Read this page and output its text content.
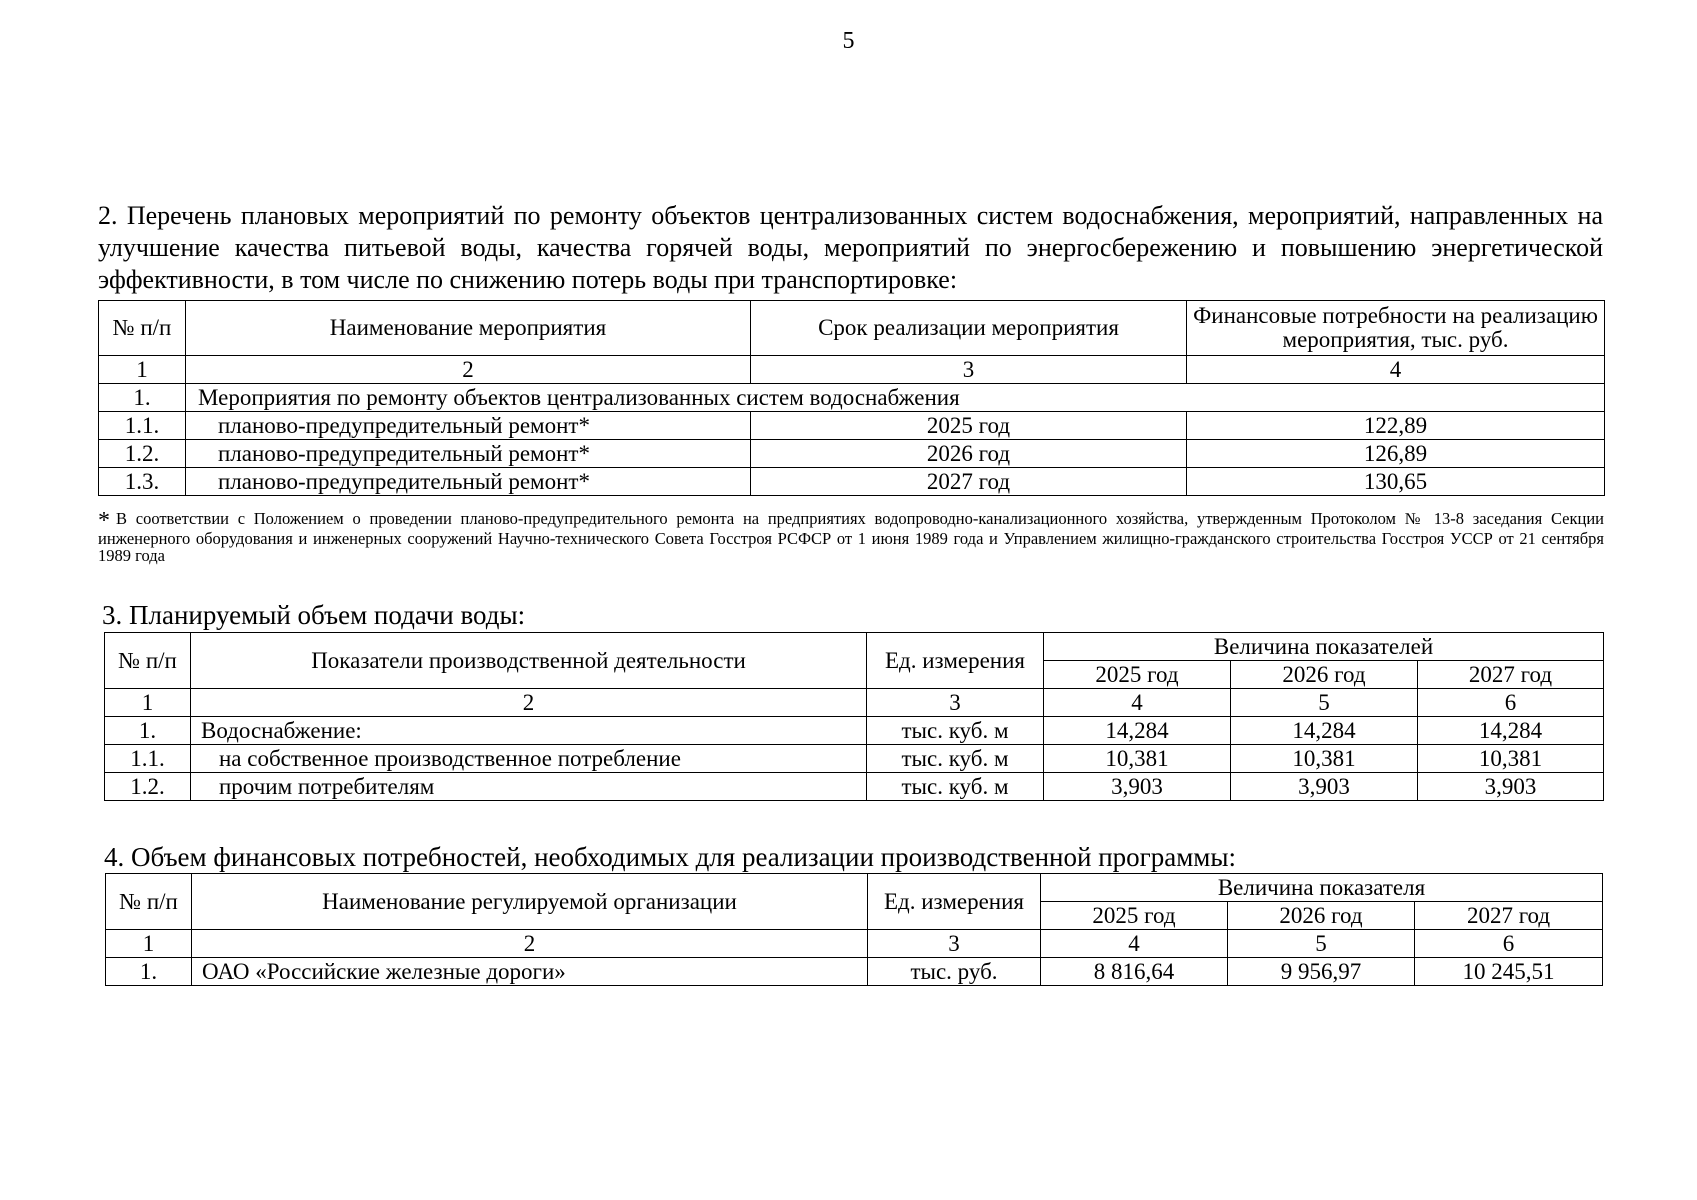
5
2. Перечень плановых мероприятий по ремонту объектов централизованных систем водоснабжения, мероприятий, направленных на улучшение качества питьевой воды, качества горячей воды, мероприятий по энергосбережению и повышению энергетической эффективности, в том числе по снижению потерь воды при транспортировке:
№ п/п	Наименование мероприятия	Срок реализации мероприятия	Финансовые потребности на реализацию мероприятия, тыс. руб.
1	2	3	4
1.	Мероприятия по ремонту объектов централизованных систем водоснабжения		
1.1.	планово-предупредительный ремонт*	2025 год	122,89
1.2.	планово-предупредительный ремонт*	2026 год	126,89
1.3.	планово-предупредительный ремонт*	2027 год	130,65
* В соответствии с Положением о проведении планово-предупредительного ремонта на предприятиях водопроводно-канализационного хозяйства, утвержденным Протоколом № 13-8 заседания Секции инженерного оборудования и инженерных сооружений Научно-технического Совета Госстроя РСФСР от 1 июня 1989 года и Управлением жилищно-гражданского строительства Госстроя УССР от 21 сентября 1989 года
3. Планируемый объем подачи воды:
№ п/п	Показатели производственной деятельности	Ед. измерения	Величина показателей		
			2025 год	2026 год	2027 год
1	2	3	4	5	6
1.	Водоснабжение:	тыс. куб. м	14,284	14,284	14,284
1.1.	на собственное производственное потребление	тыс. куб. м	10,381	10,381	10,381
1.2.	прочим потребителям	тыс. куб. м	3,903	3,903	3,903
4. Объем финансовых потребностей, необходимых для реализации производственной программы:
№ п/п	Наименование регулируемой организации	Ед. измерения	Величина показателя		
			2025 год	2026 год	2027 год
1	2	3	4	5	6
1.	ОАО «Российские железные дороги»	тыс. руб.	8 816,64	9 956,97	10 245,51
